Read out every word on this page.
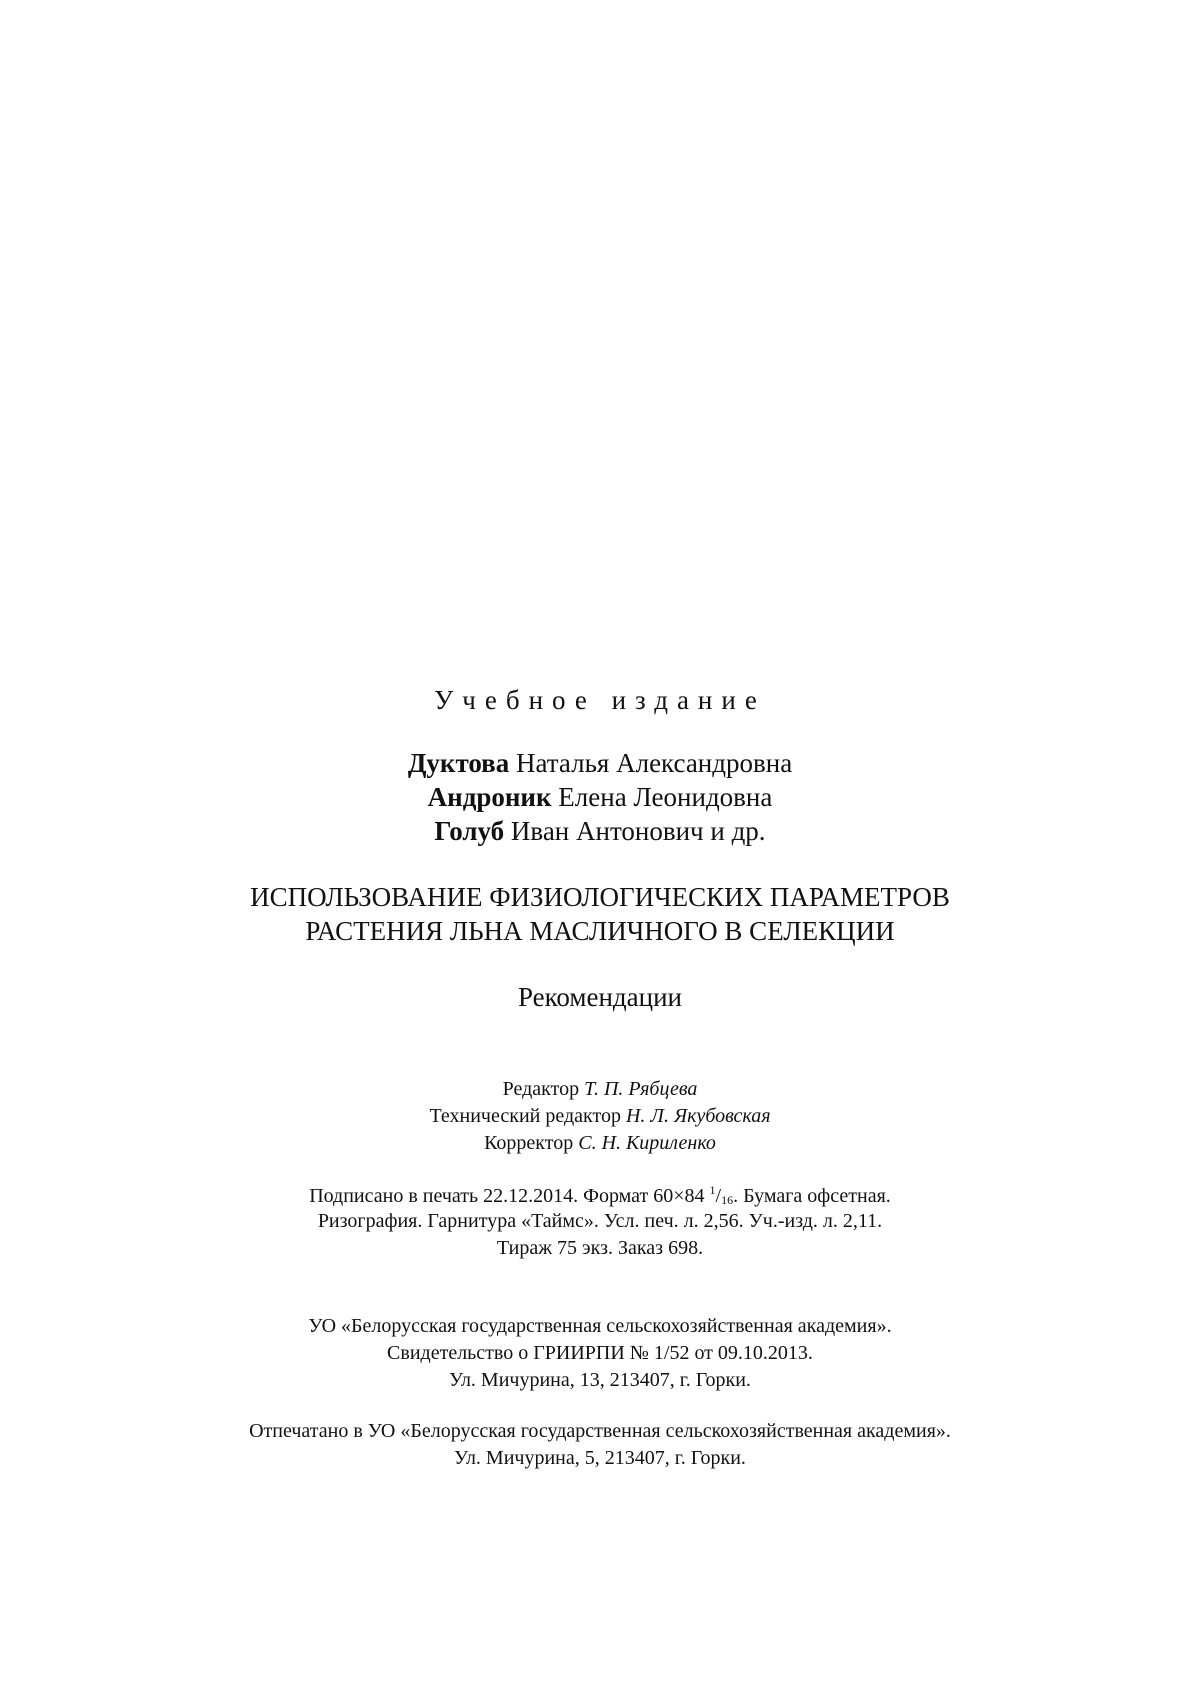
Учебное издание
Дуктова Наталья Александровна
Андроник Елена Леонидовна
Голуб Иван Антонович и др.
ИСПОЛЬЗОВАНИЕ ФИЗИОЛОГИЧЕСКИХ ПАРАМЕТРОВ
РАСТЕНИЯ ЛЬНА МАСЛИЧНОГО В СЕЛЕКЦИИ
Рекомендации
Редактор Т. П. Рябцева
Технический редактор Н. Л. Якубовская
Корректор С. Н. Кириленко
Подписано в печать 22.12.2014. Формат 60×84 $^1/_{16}$. Бумага офсетная.
Ризография. Гарнитура «Таймс». Усл. печ. л. 2,56. Уч.-изд. л. 2,11.
Тираж 75 экз. Заказ 698.
УО «Белорусская государственная сельскохозяйственная академия».
Свидетельство о ГРИИРПИ № 1/52 от 09.10.2013.
Ул. Мичурина, 13, 213407, г. Горки.
Отпечатано в УО «Белорусская государственная сельскохозяйственная академия».
Ул. Мичурина, 5, 213407, г. Горки.
